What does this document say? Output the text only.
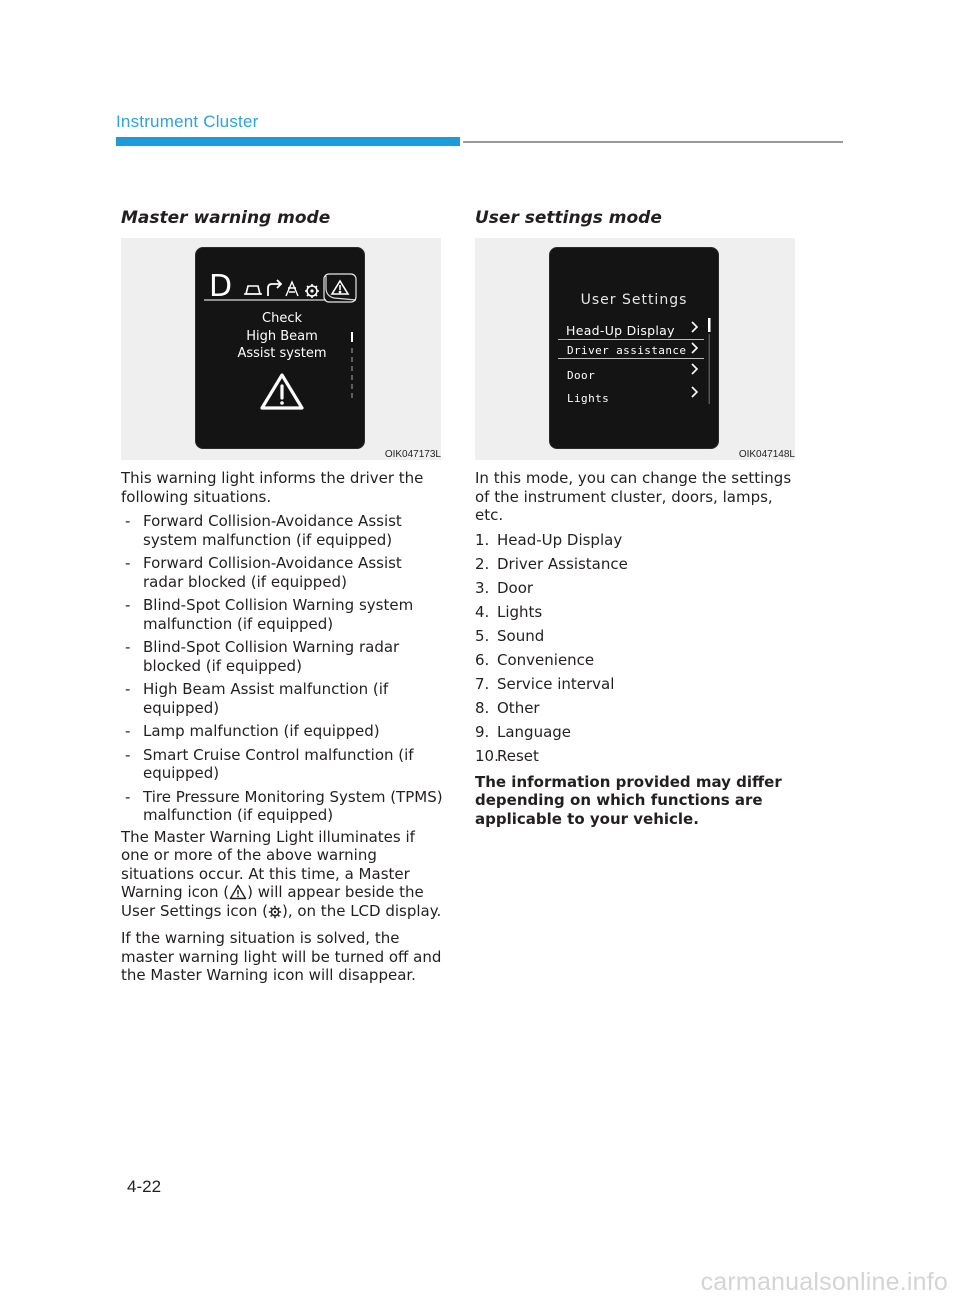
Instrument Cluster
Master warning mode
D
Check
High Beam
Assist system
OIK047173L
This warning light informs the driver the following situations.
- Forward Collision-Avoidance Assist system malfunction (if equipped)
- Forward Collision-Avoidance Assist radar blocked (if equipped)
- Blind-Spot Collision Warning system malfunction (if equipped)
- Blind-Spot Collision Warning radar blocked (if equipped)
- High Beam Assist malfunction (if equipped)
- Lamp malfunction (if equipped)
- Smart Cruise Control malfunction (if equipped)
- Tire Pressure Monitoring System (TPMS) malfunction (if equipped)
The Master Warning Light illuminates if one or more of the above warning situations occur. At this time, a Master Warning icon ( ) will appear beside the User Settings icon ( ), on the LCD display.
If the warning situation is solved, the master warning light will be turned off and the Master Warning icon will disappear.
User settings mode
User Settings
Head-Up Display
Driver assistance
Door
Lights
OIK047148L
In this mode, you can change the settings of the instrument cluster, doors, lamps, etc.
1. Head-Up Display
2. Driver Assistance
3. Door
4. Lights
5. Sound
6. Convenience
7. Service interval
8. Other
9. Language
10.
Reset
The information provided may differ depending on which functions are applicable to your vehicle.
4-22
carmanualsonline.info
